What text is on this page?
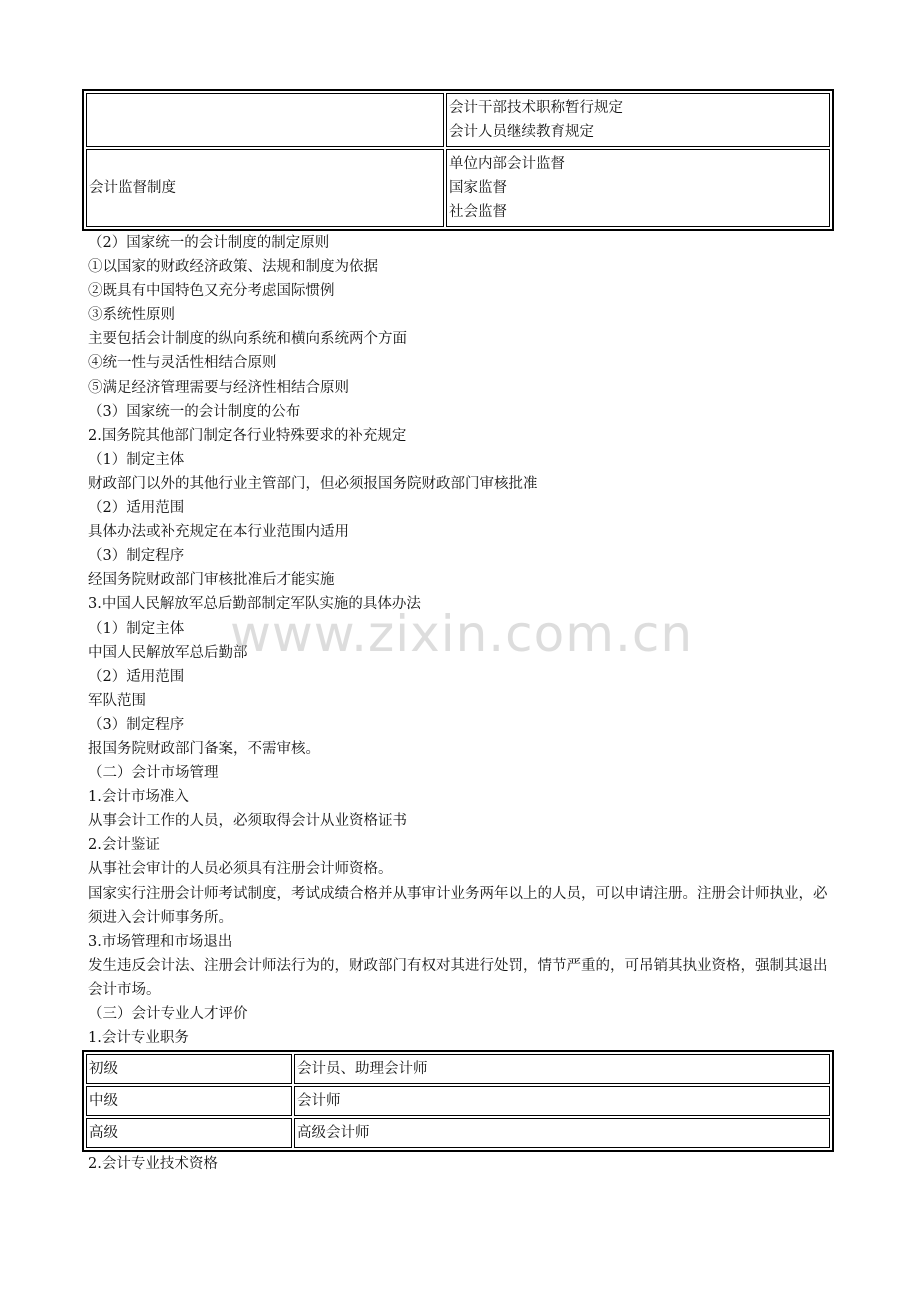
	会计干部技术职称暂行规定
会计人员继续教育规定

会计监督制度	单位内部会计监督
国家监督
社会监督
（2）国家统一的会计制度的制定原则
①以国家的财政经济政策、法规和制度为依据
②既具有中国特色又充分考虑国际惯例
③系统性原则
主要包括会计制度的纵向系统和横向系统两个方面
④统一性与灵活性相结合原则
⑤满足经济管理需要与经济性相结合原则
（3）国家统一的会计制度的公布
2.国务院其他部门制定各行业特殊要求的补充规定
（1）制定主体
财政部门以外的其他行业主管部门，但必须报国务院财政部门审核批准
（2）适用范围
具体办法或补充规定在本行业范围内适用
（3）制定程序
经国务院财政部门审核批准后才能实施
3.中国人民解放军总后勤部制定军队实施的具体办法
（1）制定主体
中国人民解放军总后勤部
（2）适用范围
军队范围
（3）制定程序
报国务院财政部门备案，不需审核。
（二）会计市场管理
1.会计市场准入
从事会计工作的人员，必须取得会计从业资格证书
2.会计鉴证
从事社会审计的人员必须具有注册会计师资格。
国家实行注册会计师考试制度，考试成绩合格并从事审计业务两年以上的人员，可以申请注册。注册会计师执业，必须进入会计师事务所。
3.市场管理和市场退出
发生违反会计法、注册会计师法行为的，财政部门有权对其进行处罚，情节严重的，可吊销其执业资格，强制其退出会计市场。
（三）会计专业人才评价
1.会计专业职务
初级	会计员、助理会计师
中级	会计师
高级	高级会计师
2.会计专业技术资格
www.zixin.com.cn
